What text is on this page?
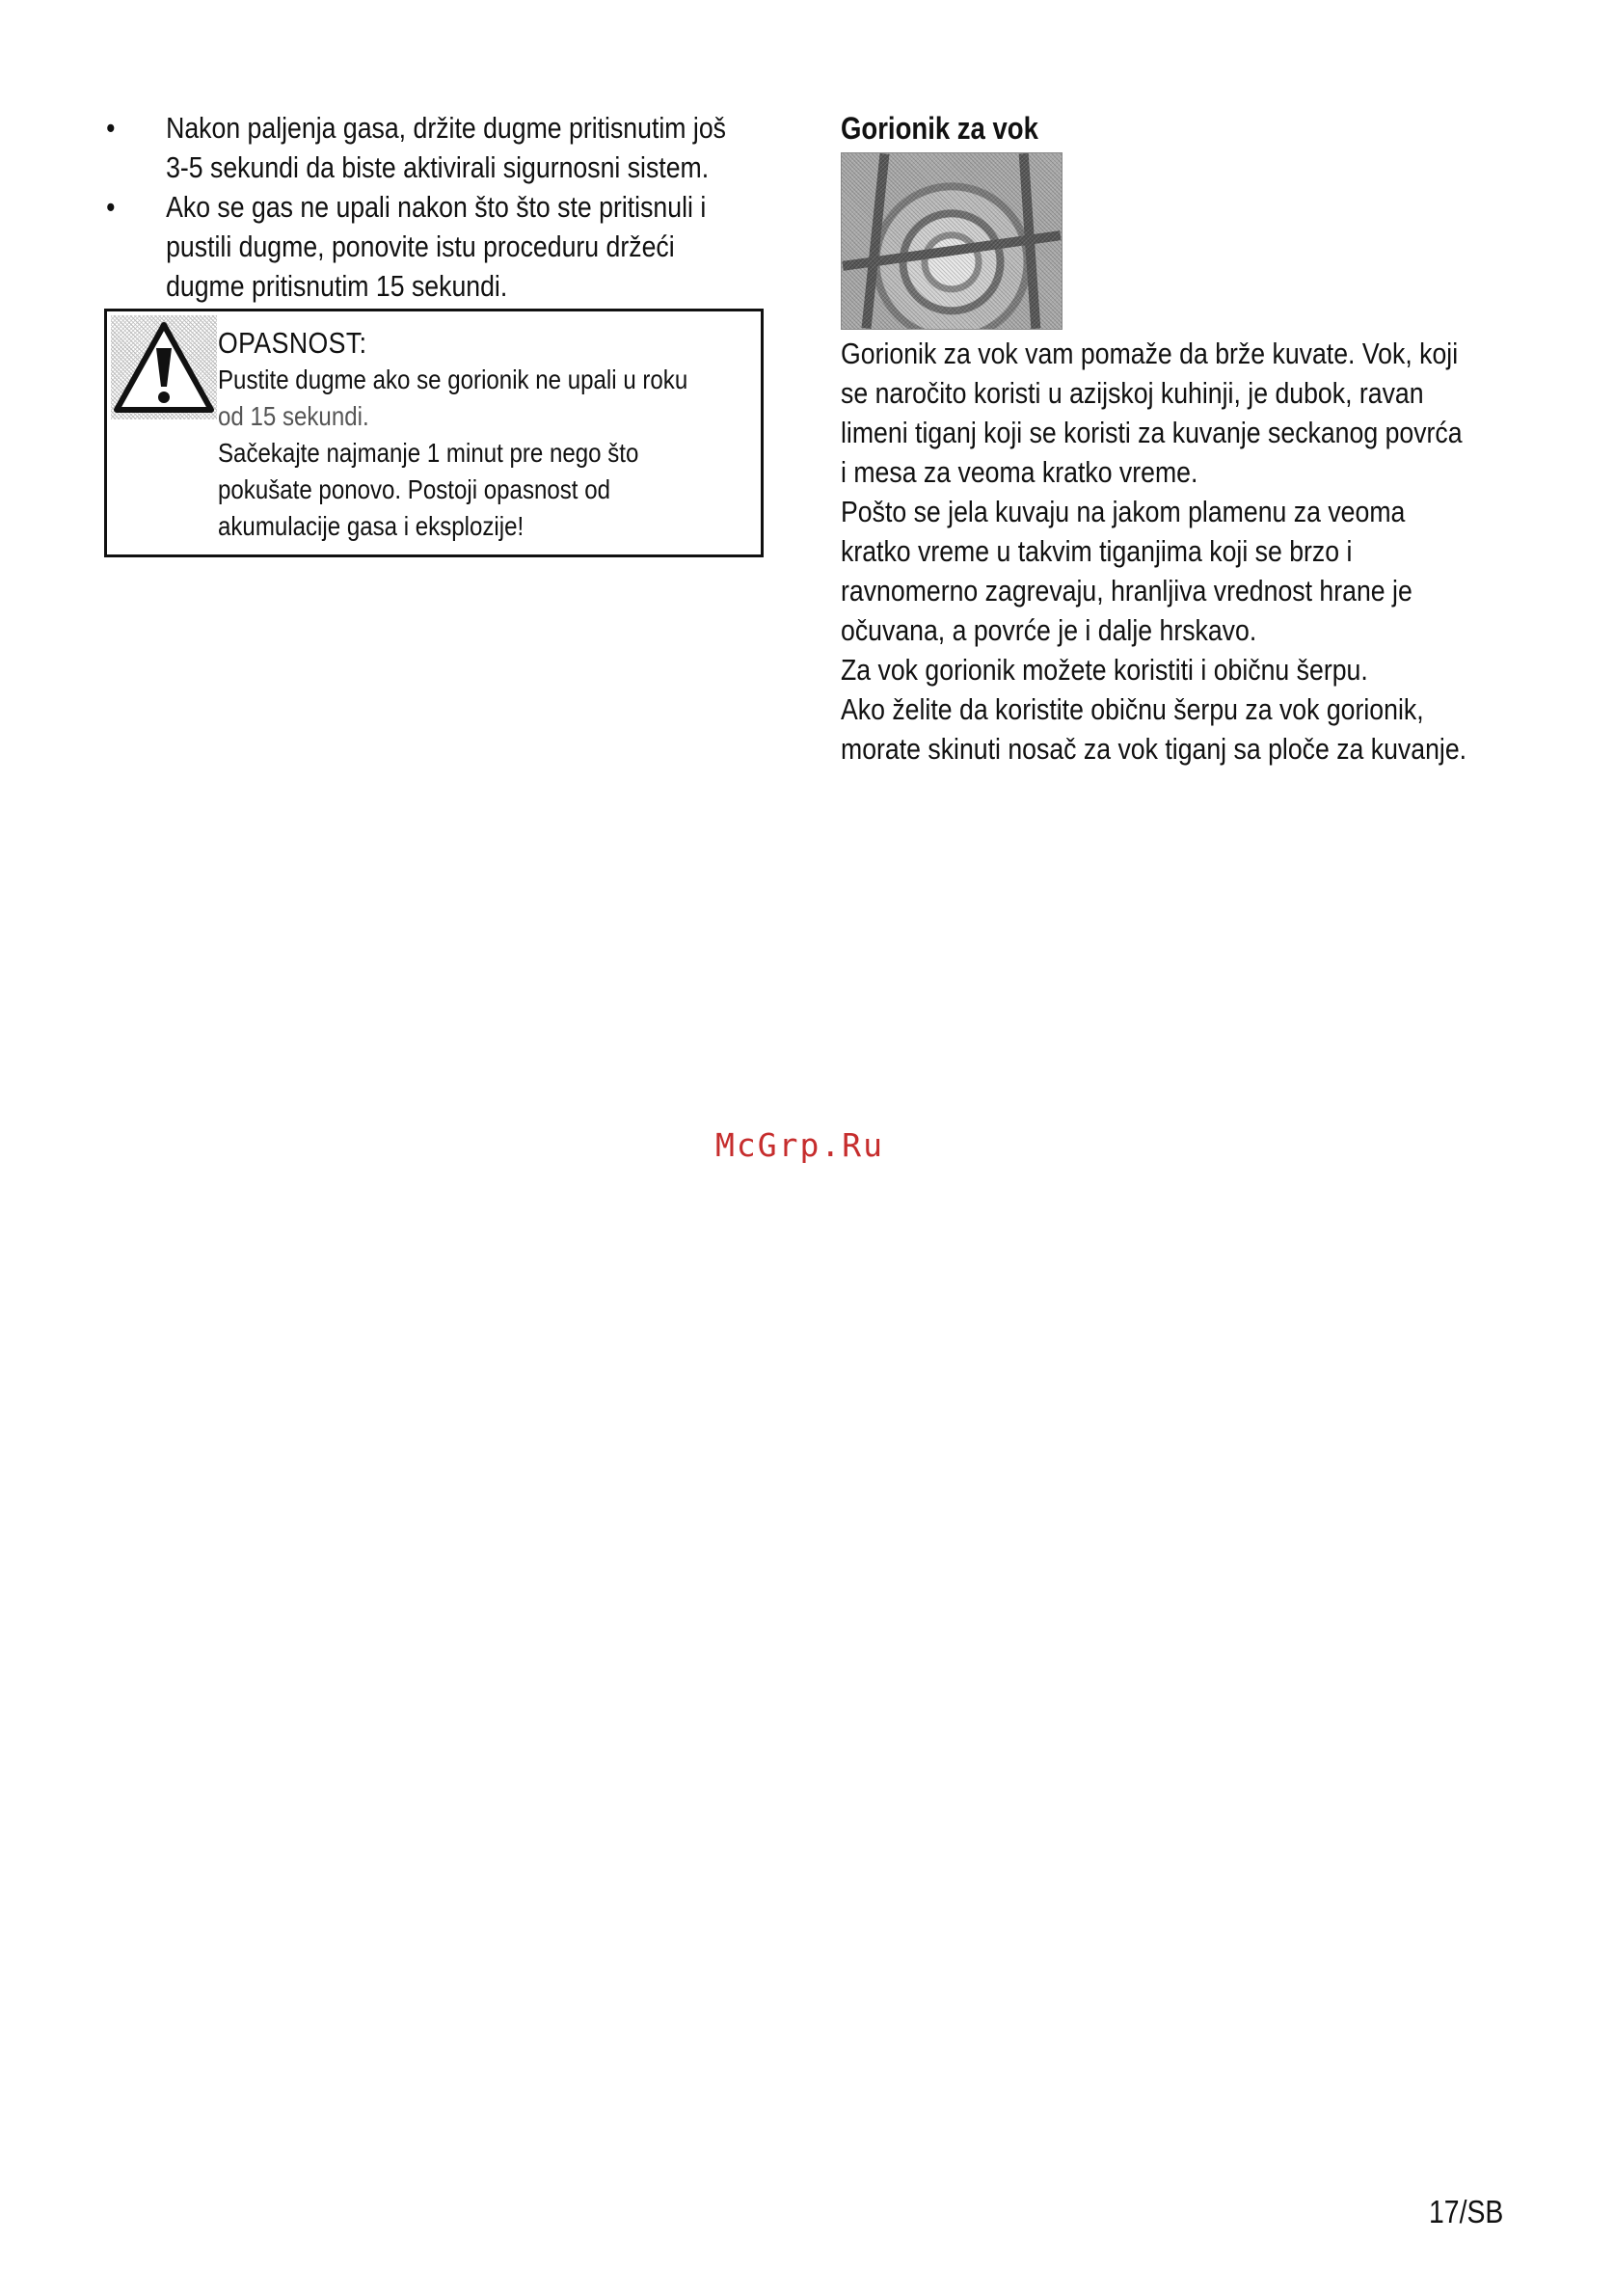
• Nakon paljenja gasa, držite dugme pritisnutim još
3-5 sekundi da biste aktivirali sigurnosni sistem.
• Ako se gas ne upali nakon što što ste pritisnuli i
pustili dugme, ponovite istu proceduru držeći
dugme pritisnutim 15 sekundi.
OPASNOST:
Pustite dugme ako se gorionik ne upali u roku
od 15 sekundi.
Sačekajte najmanje 1 minut pre nego što
pokušate ponovo. Postoji opasnost od
akumulacije gasa i eksplozije!
Gorionik za vok
Gorionik za vok vam pomaže da brže kuvate. Vok, koji
se naročito koristi u azijskoj kuhinji, je dubok, ravan
limeni tiganj koji se koristi za kuvanje seckanog povrća
i mesa za veoma kratko vreme.
Pošto se jela kuvaju na jakom plamenu za veoma
kratko vreme u takvim tiganjima koji se brzo i
ravnomerno zagrevaju, hranljiva vrednost hrane je
očuvana, a povrće je i dalje hrskavo.
Za vok gorionik možete koristiti i običnu šerpu.
Ako želite da koristite običnu šerpu za vok gorionik,
morate skinuti nosač za vok tiganj sa ploče za kuvanje.
McGrp.Ru
17/SB
